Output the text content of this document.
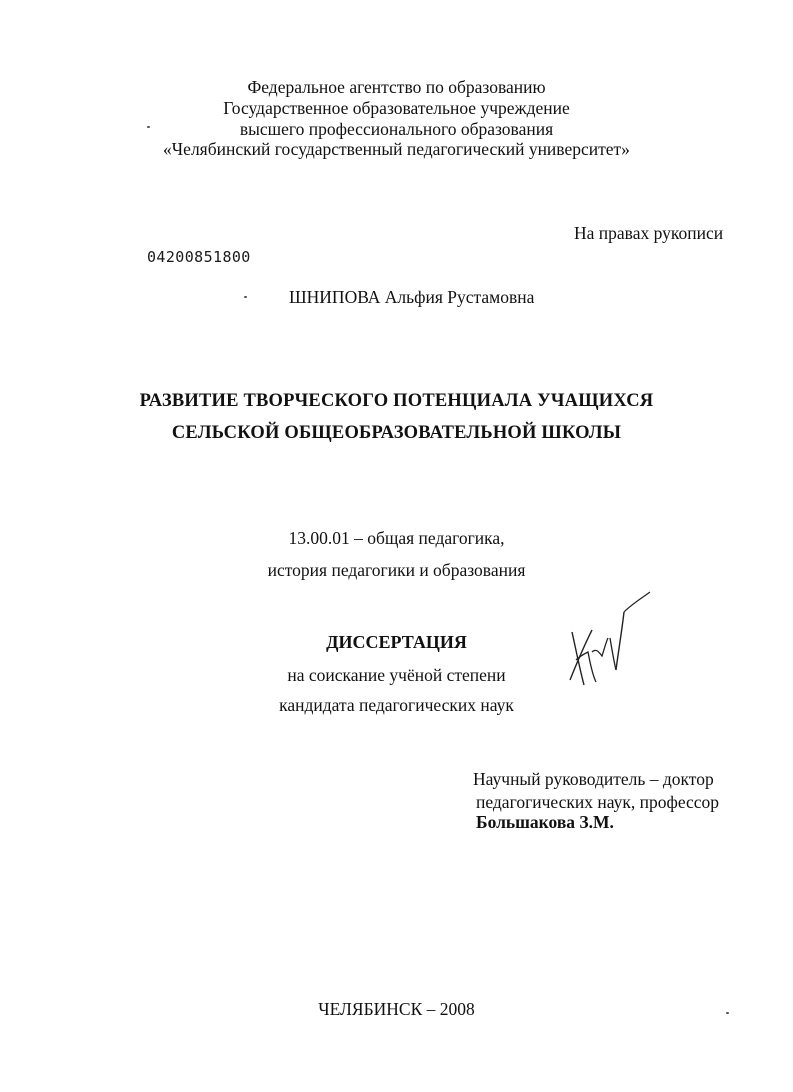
Федеральное агентство по образованию
Государственное образовательное учреждение
высшего профессионального образования
«Челябинский государственный педагогический университет»
На правах рукописи
04200851800
ШНИПОВА Альфия Рустамовна
РАЗВИТИЕ ТВОРЧЕСКОГО ПОТЕНЦИАЛА УЧАЩИХСЯ
СЕЛЬСКОЙ ОБЩЕОБРАЗОВАТЕЛЬНОЙ ШКОЛЫ
13.00.01 – общая педагогика,
история педагогики и образования
ДИССЕРТАЦИЯ
на соискание учёной степени
кандидата педагогических наук
Научный руководитель – доктор
педагогических наук, профессор
Большакова З.М.
ЧЕЛЯБИНСК – 2008
